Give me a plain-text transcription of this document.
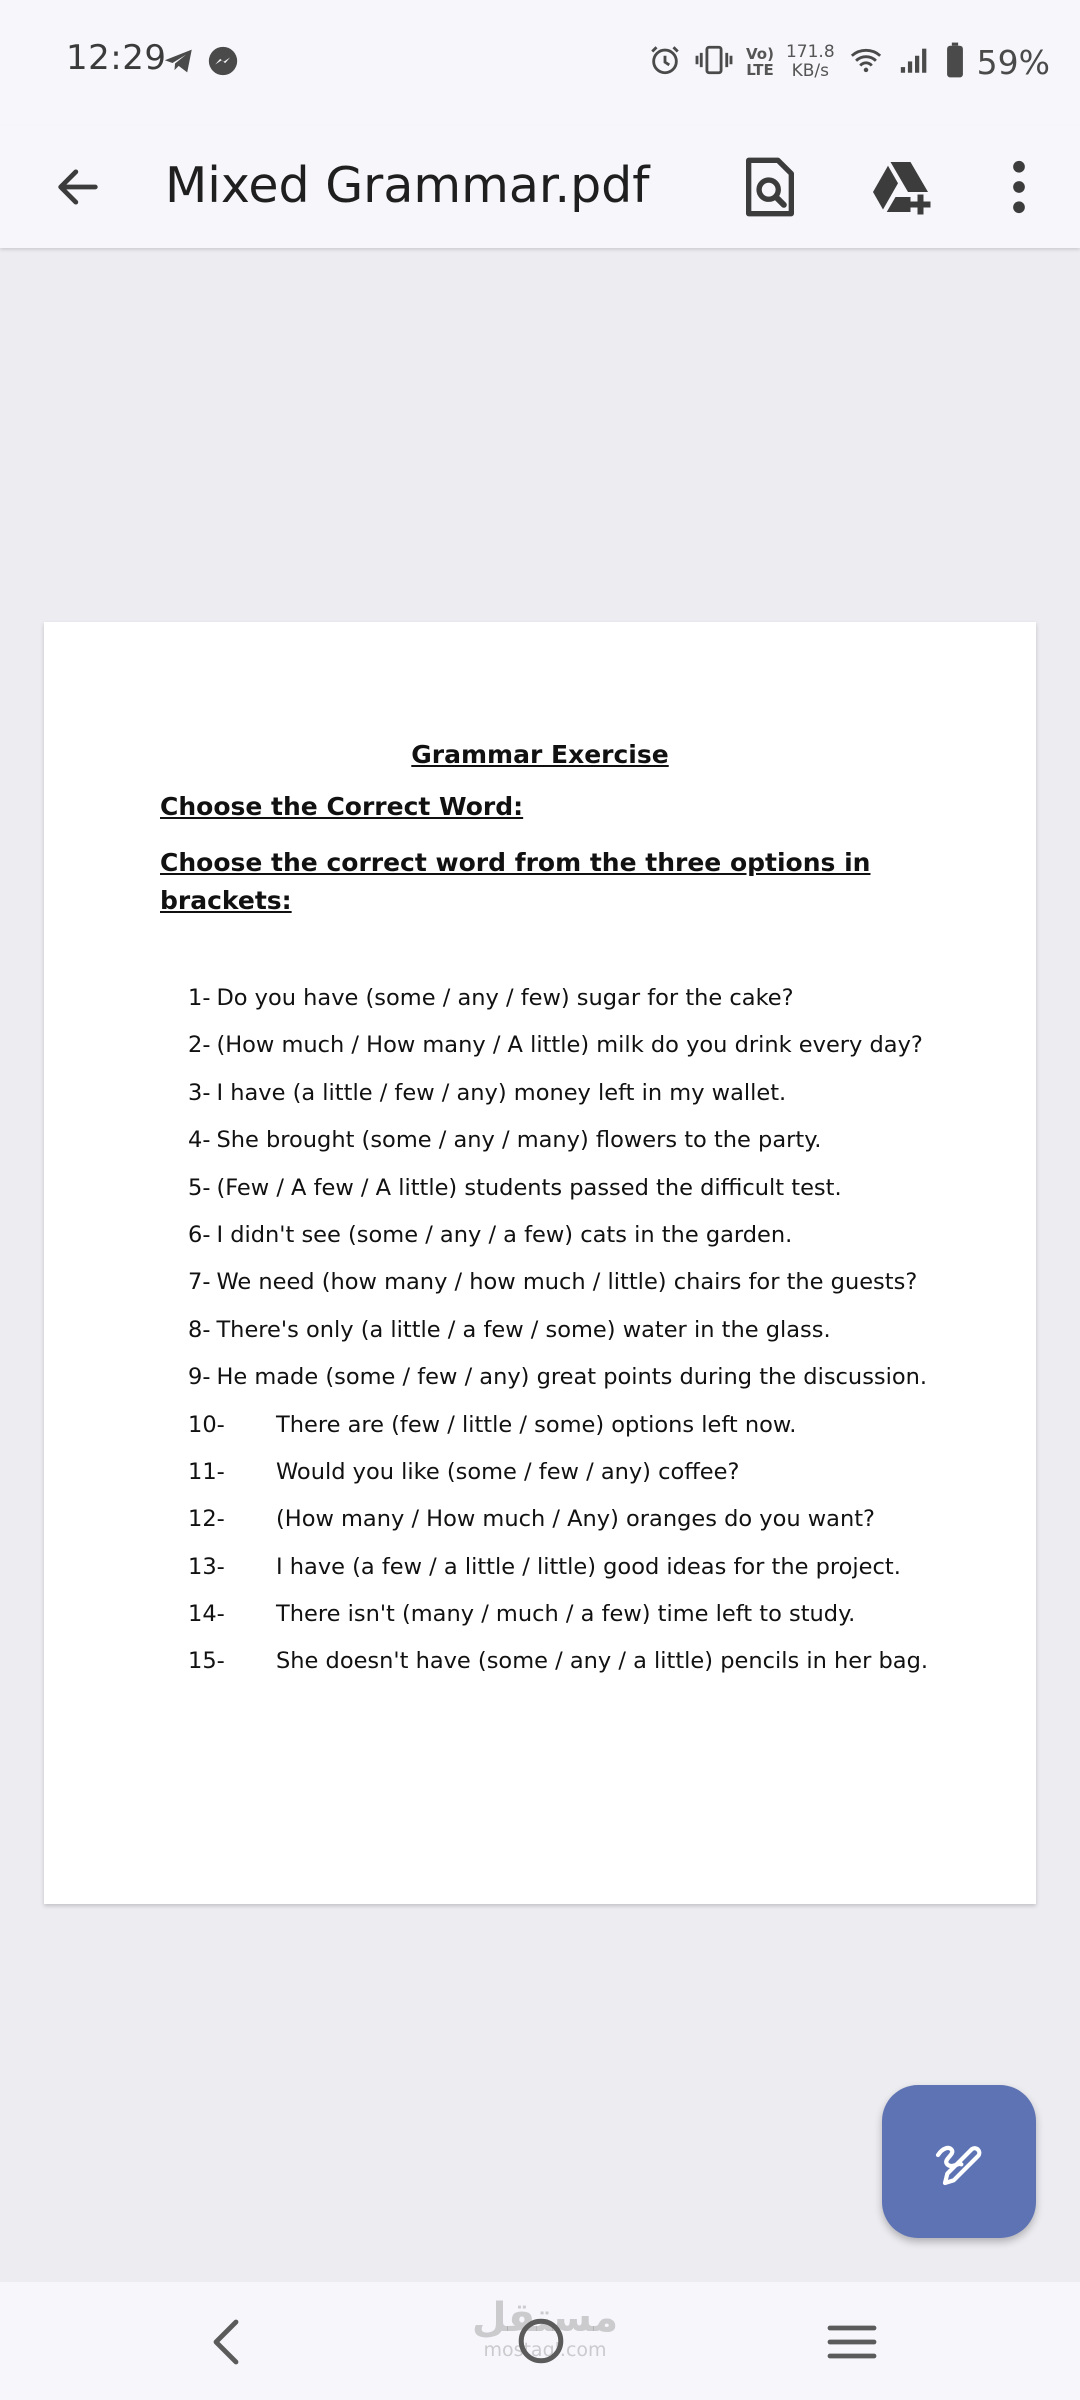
12:29	Vo)
LTE
171.8
KB/s	59%
Mixed Grammar.pdf
Grammar Exercise
Choose the Correct Word:
Choose the correct word from the three options in brackets:
1- Do you have (some / any / few) sugar for the cake?
2- (How much / How many / A little) milk do you drink every day?
3- I have (a little / few / any) money left in my wallet.
4- She brought (some / any / many) flowers to the party.
5- (Few / A few / A little) students passed the difficult test.
6- I didn't see (some / any / a few) cats in the garden.
7- We need (how many / how much / little) chairs for the guests?
8- There's only (a little / a few / some) water in the glass.
9- He made (some / few / any) great points during the discussion.
10-	There are (few / little / some) options left now.
11-	Would you like (some / few / any) coffee?
12-	(How many / How much / Any) oranges do you want?
13-	I have (a few / a little / little) good ideas for the project.
14-	There isn't (many / much / a few) time left to study.
15-	She doesn't have (some / any / a little) pencils in her bag.
مستقل
mostaql.com
